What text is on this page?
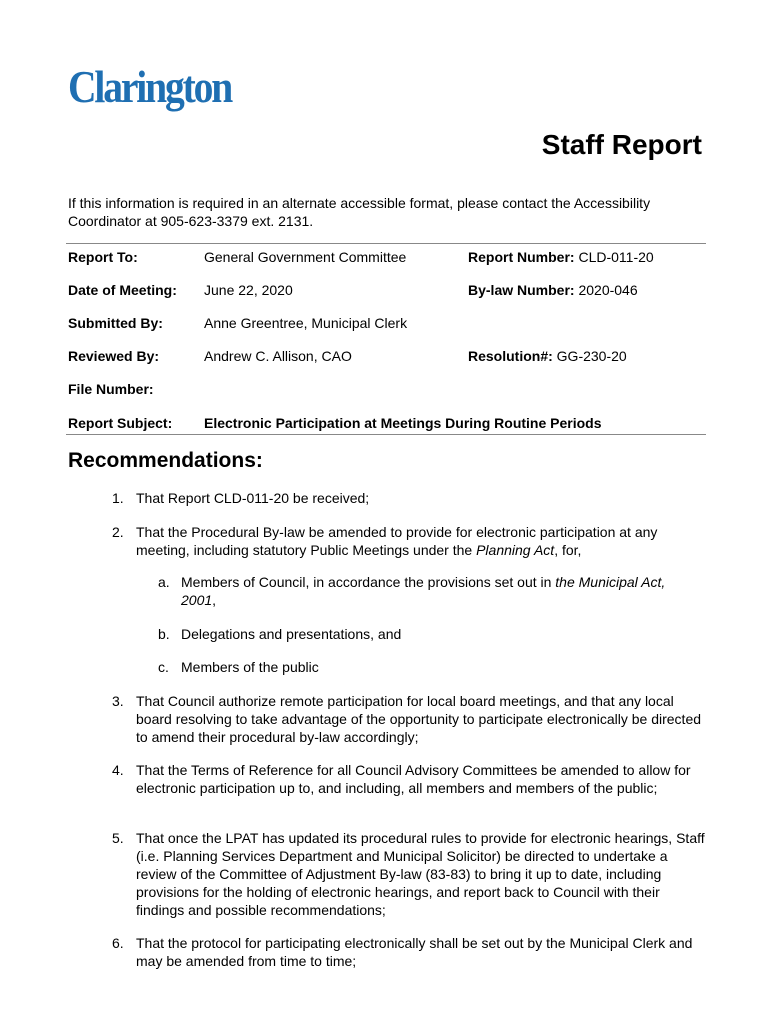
Clarington
Staff Report
If this information is required in an alternate accessible format, please contact the Accessibility Coordinator at 905-623-3379 ext. 2131.
Report To:	General Government Committee	Report Number: CLD-011-20
Date of Meeting: June 22, 2020	By-law Number: 2020-046
Submitted By:	Anne Greentree, Municipal Clerk
Reviewed By:	Andrew C. Allison, CAO	Resolution#: GG-230-20
File Number:
Report Subject: Electronic Participation at Meetings During Routine Periods
Recommendations:
1. That Report CLD-011-20 be received;
2. That the Procedural By-law be amended to provide for electronic participation at any meeting, including statutory Public Meetings under the Planning Act, for,
a. Members of Council, in accordance the provisions set out in the Municipal Act, 2001,
b. Delegations and presentations, and
c. Members of the public
3. That Council authorize remote participation for local board meetings, and that any local board resolving to take advantage of the opportunity to participate electronically be directed to amend their procedural by-law accordingly;
4. That the Terms of Reference for all Council Advisory Committees be amended to allow for electronic participation up to, and including, all members and members of the public;
5. That once the LPAT has updated its procedural rules to provide for electronic hearings, Staff (i.e. Planning Services Department and Municipal Solicitor) be directed to undertake a review of the Committee of Adjustment By-law (83-83) to bring it up to date, including provisions for the holding of electronic hearings, and report back to Council with their findings and possible recommendations;
6. That the protocol for participating electronically shall be set out by the Municipal Clerk and may be amended from time to time;
